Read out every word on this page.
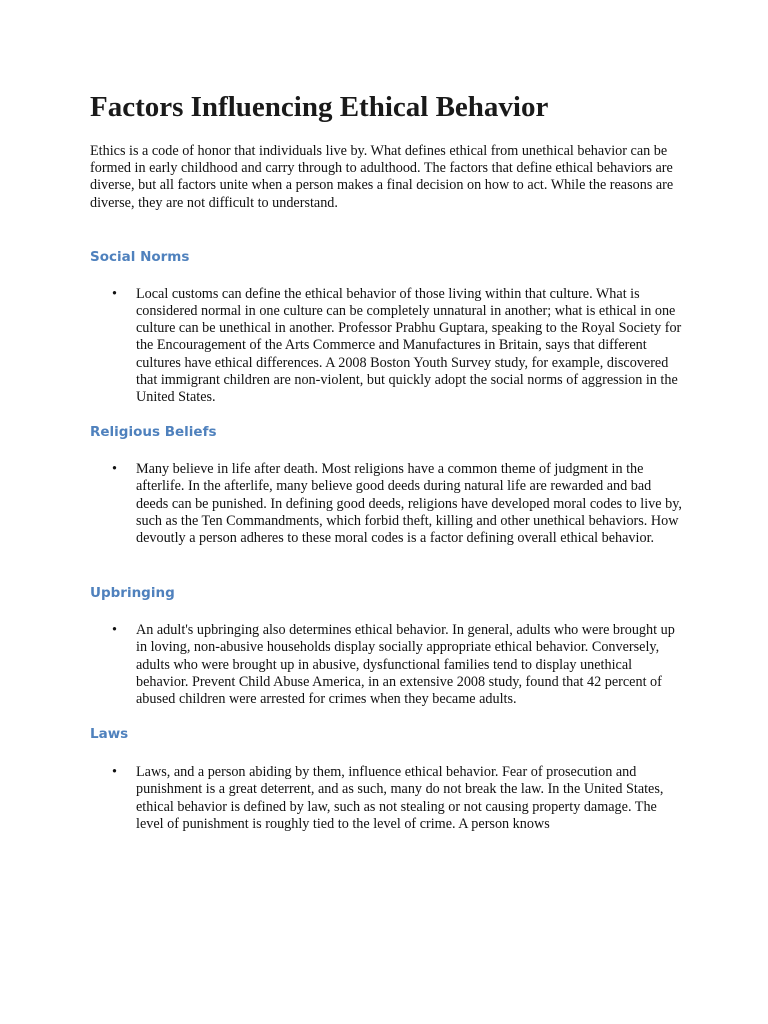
Factors Influencing Ethical Behavior

Ethics is a code of honor that individuals live by. What defines ethical from unethical behavior can be formed in early childhood and carry through to adulthood. The factors that define ethical behaviors are diverse, but all factors unite when a person makes a final decision on how to act. While the reasons are diverse, they are not difficult to understand.

Social Norms
• Local customs can define the ethical behavior of those living within that culture. What is considered normal in one culture can be completely unnatural in another; what is ethical in one culture can be unethical in another. Professor Prabhu Guptara, speaking to the Royal Society for the Encouragement of the Arts Commerce and Manufactures in Britain, says that different cultures have ethical differences. A 2008 Boston Youth Survey study, for example, discovered that immigrant children are non-violent, but quickly adopt the social norms of aggression in the United States.
Religious Beliefs
• Many believe in life after death. Most religions have a common theme of judgment in the afterlife. In the afterlife, many believe good deeds during natural life are rewarded and bad deeds can be punished. In defining good deeds, religions have developed moral codes to live by, such as the Ten Commandments, which forbid theft, killing and other unethical behaviors. How devoutly a person adheres to these moral codes is a factor defining overall ethical behavior.
Upbringing
• An adult's upbringing also determines ethical behavior. In general, adults who were brought up in loving, non-abusive households display socially appropriate ethical behavior. Conversely, adults who were brought up in abusive, dysfunctional families tend to display unethical behavior. Prevent Child Abuse America, in an extensive 2008 study, found that 42 percent of abused children were arrested for crimes when they became adults.
Laws
• Laws, and a person abiding by them, influence ethical behavior. Fear of prosecution and punishment is a great deterrent, and as such, many do not break the law. In the United States, ethical behavior is defined by law, such as not stealing or not causing property damage. The level of punishment is roughly tied to the level of crime. A person knows
